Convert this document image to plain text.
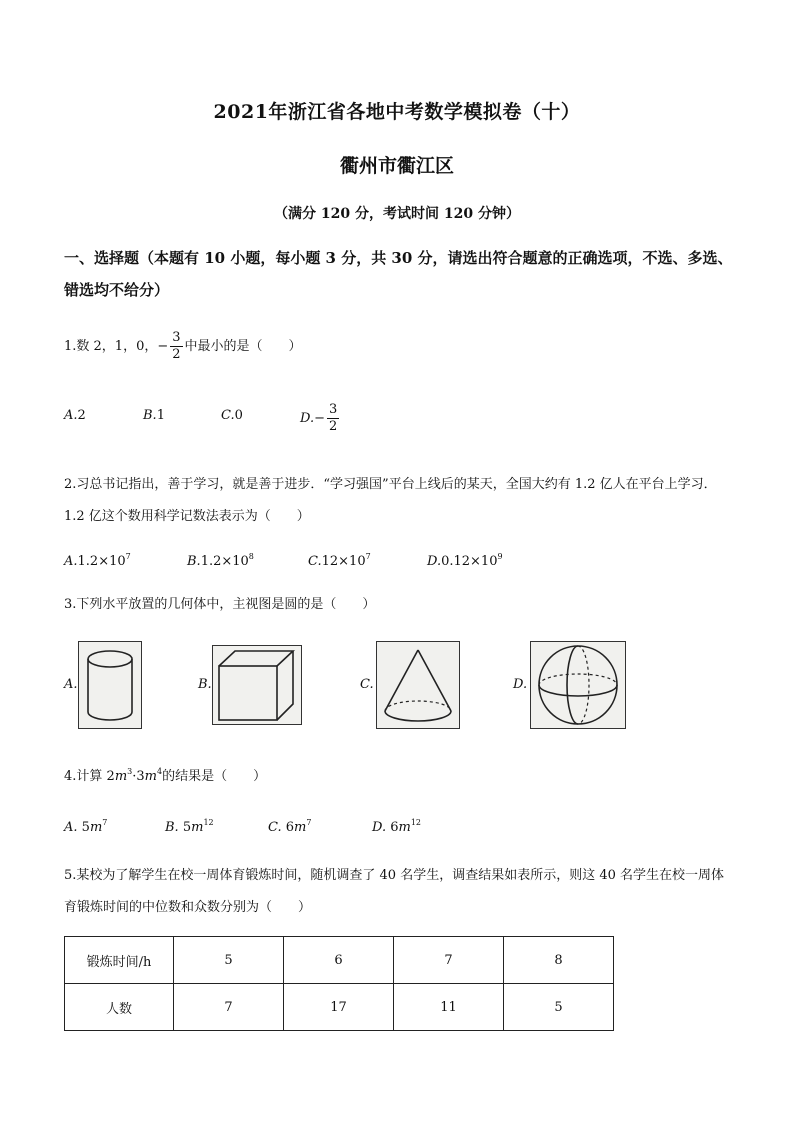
2021年浙江省各地中考数学模拟卷（十）
衢州市衢江区
（满分 120 分，考试时间 120 分钟）
一、选择题（本题有 10 小题，每小题 3 分，共 30 分，请选出符合题意的正确选项，不选、多选、错选均不给分）
1.数 2，1，0，− $\frac{3}{2}$ 中最小的是（　　）
A.2	B.1	C.0	$D.- \frac{3}{2}$
2.习总书记指出，善于学习，就是善于进步．“学习强国”平台上线后的某天，全国大约有 1.2 亿人在平台上学习．1.2 亿这个数用科学记数法表示为（　　）
$A.1.2\times 10^7$	$B.1.2\times 10^8$	$C.12\times 10^7$	$D.0.12\times 10^9$
3.下列水平放置的几何体中，主视图是圆的是（　　）
A.	B.	C.	D.
4.计算 $2m^3\cdot 3m^4$的结果是（　　）
A. $5m^7$	B. $5m^{12}$	C. $6m^7$	D. $6m^{12}$
5.某校为了解学生在校一周体育锻炼时间，随机调查了 40 名学生，调查结果如表所示，则这 40 名学生在校一周体育锻炼时间的中位数和众数分别为（　　）
锻炼时间/h	5	6	7	8
人数	7	17	11	5
